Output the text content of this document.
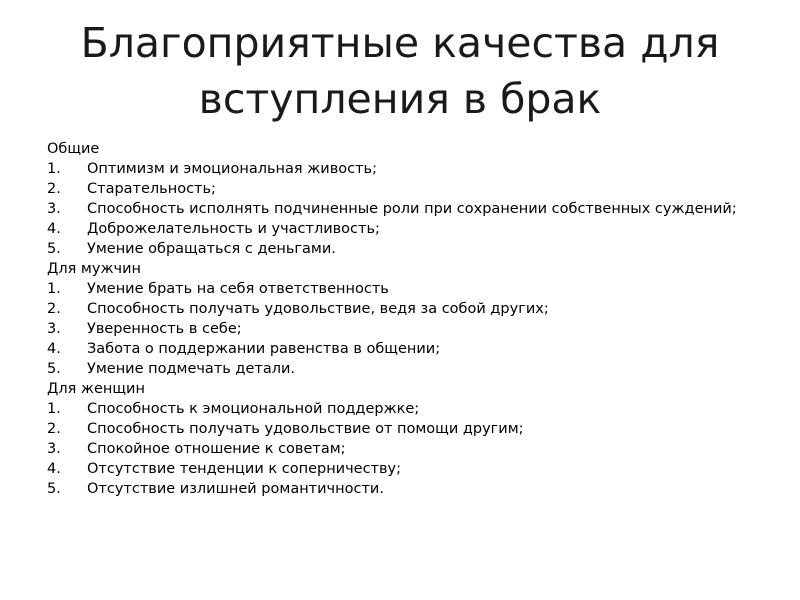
Благоприятные качества для
вступления в брак
Общие
1.	Оптимизм и эмоциональная живость;
2.	Старательность;
3.	Способность исполнять подчиненные роли при сохранении собственных суждений;
4.	Доброжелательность и участливость;
5.	Умение обращаться с деньгами.
Для мужчин
1.	Умение брать на себя ответственность
2.	Способность получать удовольствие, ведя за собой других;
3.	Уверенность в себе;
4.	Забота о поддержании равенства в общении;
5.	Умение подмечать детали.
Для женщин
1.	Способность к эмоциональной поддержке;
2.	Способность получать удовольствие от помощи другим;
3.	Спокойное отношение к советам;
4.	Отсутствие тенденции к соперничеству;
5.	Отсутствие излишней романтичности.
